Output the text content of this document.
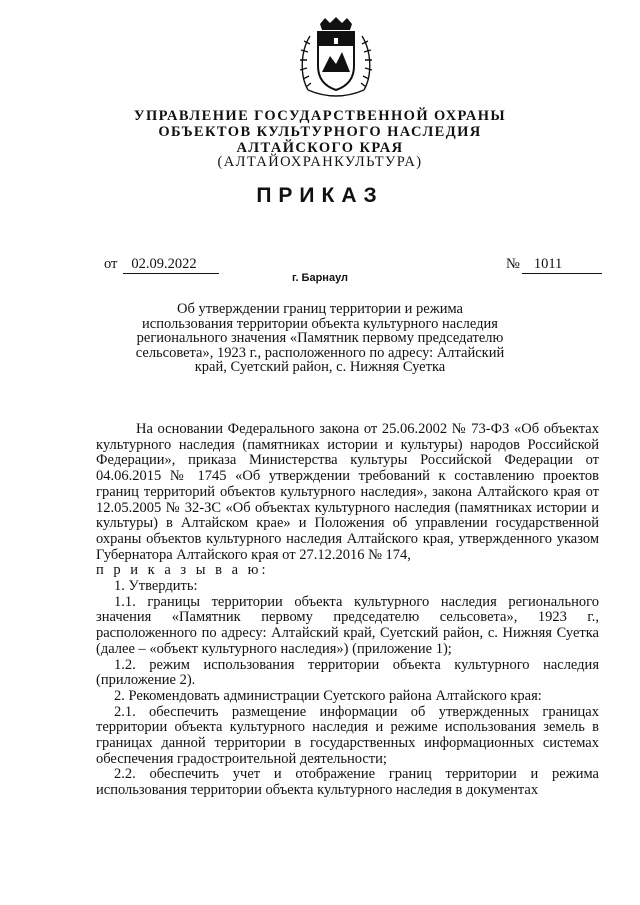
УПРАВЛЕНИЕ ГОСУДАРСТВЕННОЙ ОХРАНЫ
ОБЪЕКТОВ КУЛЬТУРНОГО НАСЛЕДИЯ
АЛТАЙСКОГО КРАЯ
(АЛТАЙОХРАНКУЛЬТУРА)
ПРИКАЗ
от 02.09.2022	№ 1011
г. Барнаул
Об утверждении границ территории и режима использования территории объекта культурного наследия регионального значения «Памятник первому председателю сельсовета», 1923 г., расположенного по адресу: Алтайский край, Суетский район, с. Нижняя Суетка

На основании Федерального закона от 25.06.2002 № 73-ФЗ «Об объектах культурного наследия (памятниках истории и культуры) народов Российской Федерации», приказа Министерства культуры Российской Федерации от 04.06.2015 № 1745 «Об утверждении требований к составлению проектов границ территорий объектов культурного наследия», закона Алтайского края от 12.05.2005 № 32-ЗС «Об объектах культурного наследия (памятниках истории и культуры) в Алтайском крае» и Положения об управлении государственной охраны объектов культурного наследия Алтайского края, утвержденного указом Губернатора Алтайского края от 27.12.2016 № 174,

п р и к а з ы в а ю:

1. Утвердить:

1.1. границы территории объекта культурного наследия регионального значения «Памятник первому председателю сельсовета», 1923 г., расположенного по адресу: Алтайский край, Суетский район, с. Нижняя Суетка (далее – «объект культурного наследия») (приложение 1);

1.2. режим использования территории объекта культурного наследия (приложение 2).

2. Рекомендовать администрации Суетского района Алтайского края:

2.1. обеспечить размещение информации об утвержденных границах территории объекта культурного наследия и режиме использования земель в границах данной территории в государственных информационных системах обеспечения градостроительной деятельности;

2.2. обеспечить учет и отображение границ территории и режима использования территории объекта культурного наследия в документах
